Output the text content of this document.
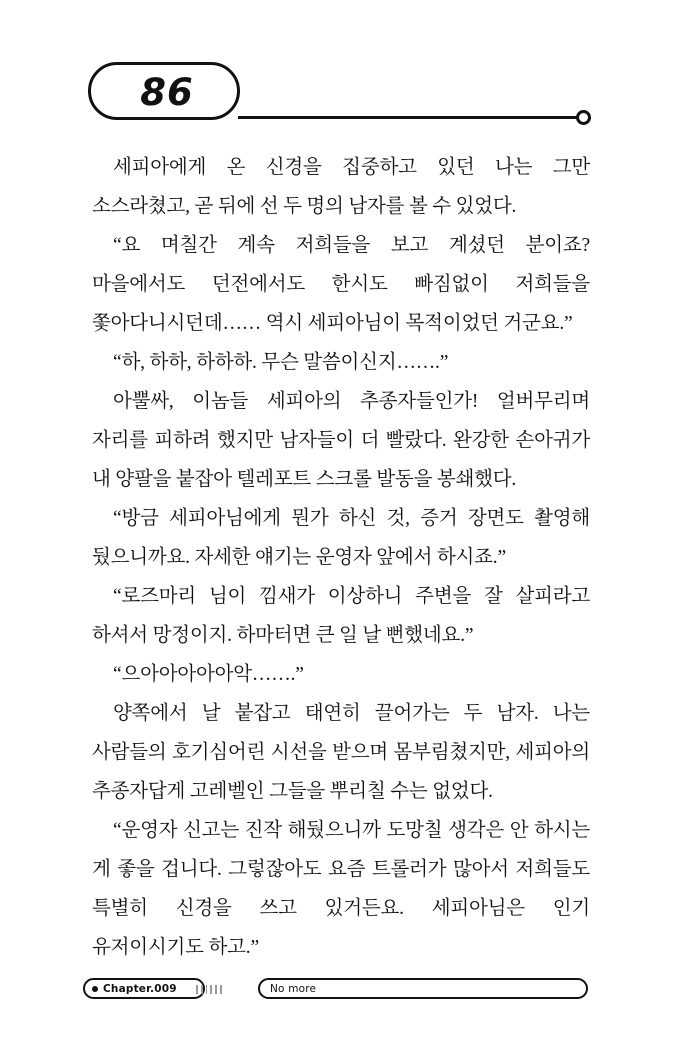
86

세피아에게 온 신경을 집중하고 있던 나는 그만 소스라쳤고, 곧 뒤에 선 두 명의 남자를 볼 수 있었다.

“요 며칠간 계속 저희들을 보고 계셨던 분이죠? 마을에서도 던전에서도 한시도 빠짐없이 저희들을 쫓아다니시던데…… 역시 세피아님이 목적이었던 거군요.”

“하, 하하, 하하하. 무슨 말씀이신지…….”

아뿔싸, 이놈들 세피아의 추종자들인가! 얼버무리며 자리를 피하려 했지만 남자들이 더 빨랐다. 완강한 손아귀가 내 양팔을 붙잡아 텔레포트 스크롤 발동을 봉쇄했다.

“방금 세피아님에게 뭔가 하신 것, 증거 장면도 촬영해 뒀으니까요. 자세한 얘기는 운영자 앞에서 하시죠.”

“로즈마리 님이 낌새가 이상하니 주변을 잘 살피라고 하셔서 망정이지. 하마터면 큰 일 날 뻔했네요.”

“으아아아아아악…….”

양쪽에서 날 붙잡고 태연히 끌어가는 두 남자. 나는 사람들의 호기심어린 시선을 받으며 몸부림쳤지만, 세피아의 추종자답게 고레벨인 그들을 뿌리칠 수는 없었다.

“운영자 신고는 진작 해뒀으니까 도망칠 생각은 안 하시는 게 좋을 겁니다. 그렇잖아도 요즘 트롤러가 많아서 저희들도 특별히 신경을 쓰고 있거든요. 세피아님은 인기 유저이시기도 하고.”

Chapter.009	No more
